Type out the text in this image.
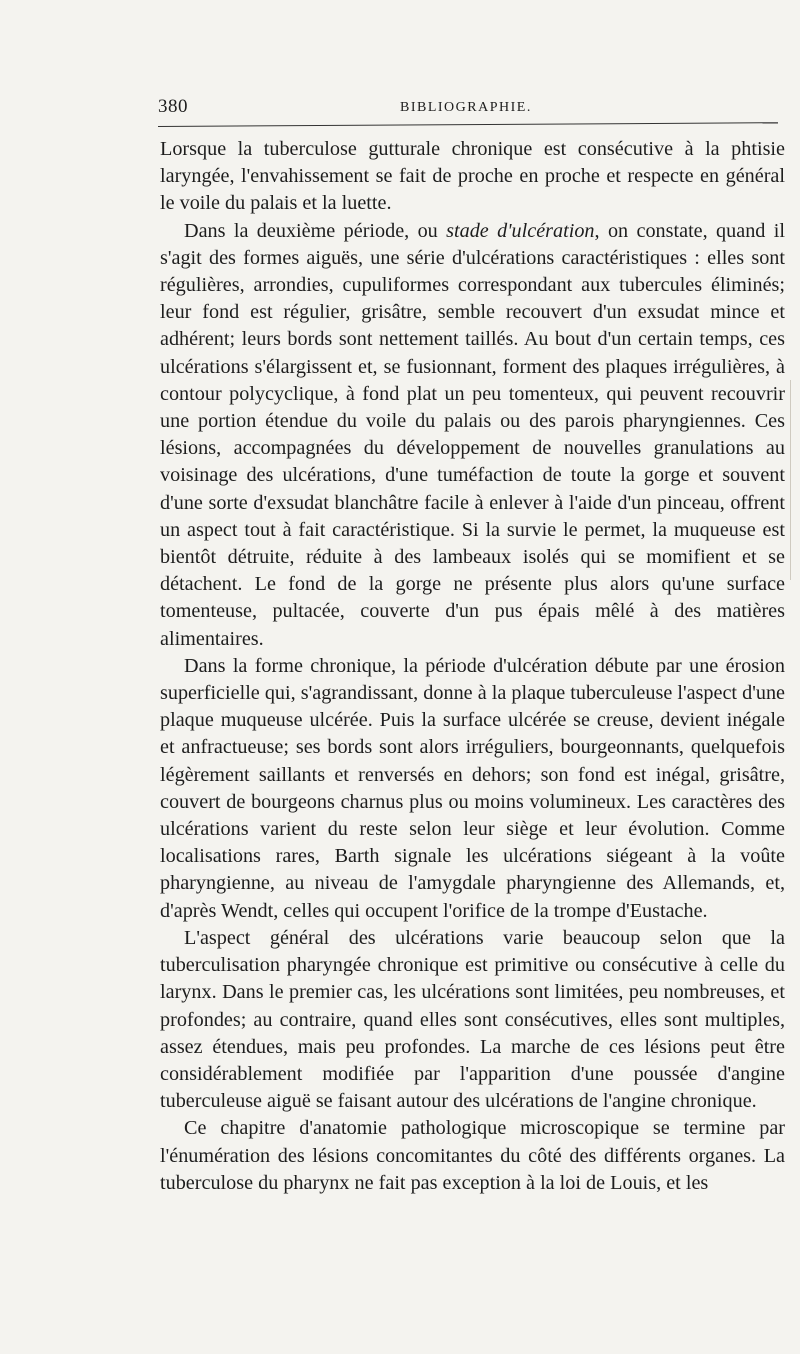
380	BIBLIOGRAPHIE.

Lorsque la tuberculose gutturale chronique est consécutive à la phtisie laryngée, l'envahissement se fait de proche en proche et respecte en général le voile du palais et la luette.

Dans la deuxième période, ou stade d'ulcération, on constate, quand il s'agit des formes aiguës, une série d'ulcérations caractéristiques : elles sont régulières, arrondies, cupuliformes correspondant aux tubercules éliminés; leur fond est régulier, grisâtre, semble recouvert d'un exsudat mince et adhérent; leurs bords sont nettement taillés. Au bout d'un certain temps, ces ulcérations s'élargissent et, se fusionnant, forment des plaques irrégulières, à contour polycyclique, à fond plat un peu tomenteux, qui peuvent recouvrir une portion étendue du voile du palais ou des parois pharyngiennes. Ces lésions, accompagnées du développement de nouvelles granulations au voisinage des ulcérations, d'une tuméfaction de toute la gorge et souvent d'une sorte d'exsudat blanchâtre facile à enlever à l'aide d'un pinceau, offrent un aspect tout à fait caractéristique. Si la survie le permet, la muqueuse est bientôt détruite, réduite à des lambeaux isolés qui se momifient et se détachent. Le fond de la gorge ne présente plus alors qu'une surface tomenteuse, pultacée, couverte d'un pus épais mêlé à des matières alimentaires.

Dans la forme chronique, la période d'ulcération débute par une érosion superficielle qui, s'agrandissant, donne à la plaque tuberculeuse l'aspect d'une plaque muqueuse ulcérée. Puis la surface ulcérée se creuse, devient inégale et anfractueuse; ses bords sont alors irréguliers, bourgeonnants, quelquefois légèrement saillants et renversés en dehors; son fond est inégal, grisâtre, couvert de bourgeons charnus plus ou moins volumineux. Les caractères des ulcérations varient du reste selon leur siège et leur évolution. Comme localisations rares, Barth signale les ulcérations siégeant à la voûte pharyngienne, au niveau de l'amygdale pharyngienne des Allemands, et, d'après Wendt, celles qui occupent l'orifice de la trompe d'Eustache.

L'aspect général des ulcérations varie beaucoup selon que la tuberculisation pharyngée chronique est primitive ou consécutive à celle du larynx. Dans le premier cas, les ulcérations sont limitées, peu nombreuses, et profondes; au contraire, quand elles sont consécutives, elles sont multiples, assez étendues, mais peu profondes. La marche de ces lésions peut être considérablement modifiée par l'apparition d'une poussée d'angine tuberculeuse aiguë se faisant autour des ulcérations de l'angine chronique.

Ce chapitre d'anatomie pathologique microscopique se termine par l'énumération des lésions concomitantes du côté des différents organes. La tuberculose du pharynx ne fait pas exception à la loi de Louis, et les
